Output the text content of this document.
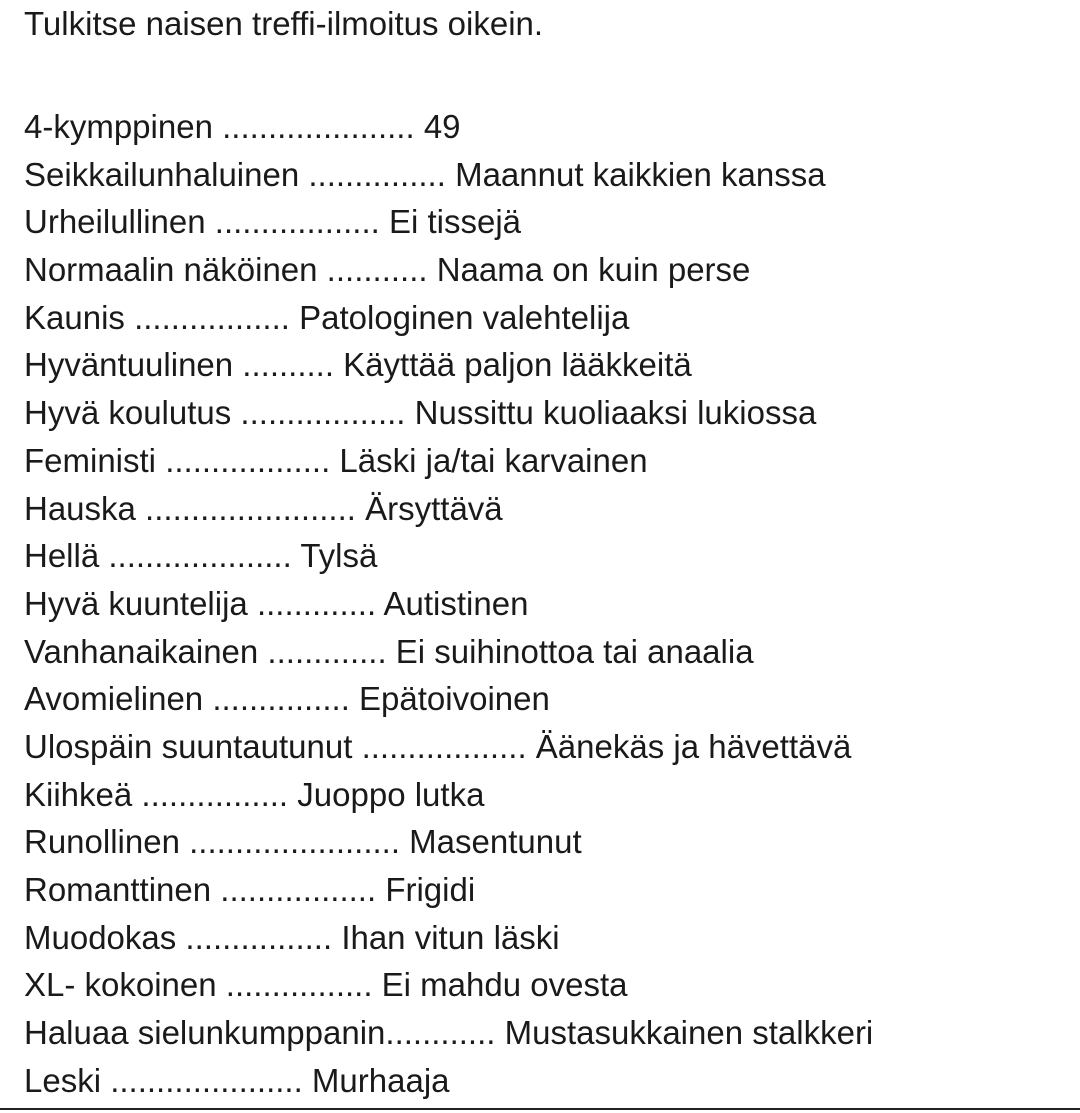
Tulkitse naisen treffi-ilmoitus oikein.
4-kymppinen ..................... 49
Seikkailunhaluinen ............... Maannut kaikkien kanssa
Urheilullinen .................. Ei tissejä
Normaalin näköinen ........... Naama on kuin perse
Kaunis ................. Patologinen valehtelija
Hyväntuulinen .......... Käyttää paljon lääkkeitä
Hyvä koulutus .................. Nussittu kuoliaaksi lukiossa
Feministi .................. Läski ja/tai karvainen
Hauska ....................... Ärsyttävä
Hellä .................... Tylsä
Hyvä kuuntelija ............. Autistinen
Vanhanaikainen ............. Ei suihinottoa tai anaalia
Avomielinen ............... Epätoivoinen
Ulospäin suuntautunut .................. Äänekäs ja hävettävä
Kiihkeä ................ Juoppo lutka
Runollinen ....................... Masentunut
Romanttinen ................. Frigidi
Muodokas ................ Ihan vitun läski
XL- kokoinen ................ Ei mahdu ovesta
Haluaa sielunkumppanin............ Mustasukkainen stalkkeri
Leski ..................... Murhaaja
